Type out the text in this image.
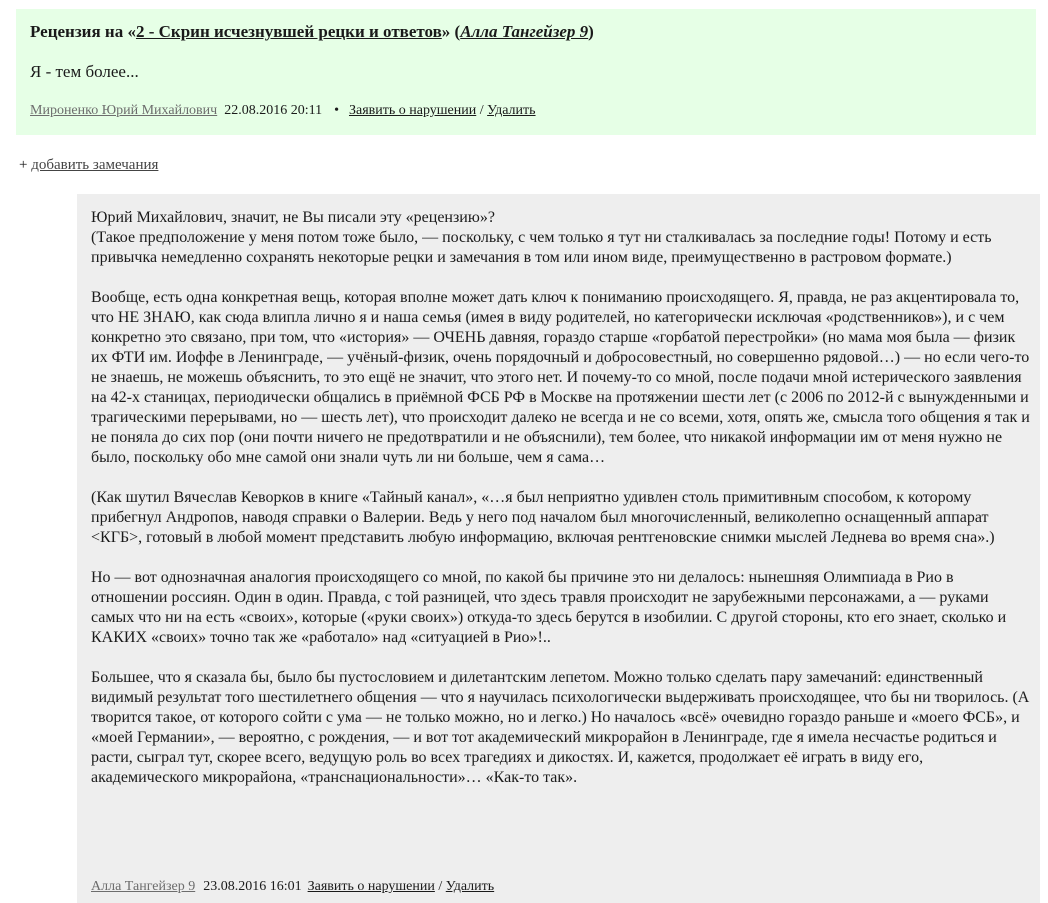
Рецензия на «2 - Скрин исчезнувшей рецки и ответов» (Алла Тангейзер 9)
Я - тем более...
Мироненко Юрий Михайлович 22.08.2016 20:11 • Заявить о нарушении / Удалить
+ добавить замечания

Юрий Михайлович, значит, не Вы писали эту «рецензию»?
(Такое предположение у меня потом тоже было, — поскольку, с чем только я тут ни сталкивалась за последние годы! Потому и есть привычка немедленно сохранять некоторые рецки и замечания в том или ином виде, преимущественно в растровом формате.)

Вообще, есть одна конкретная вещь, которая вполне может дать ключ к пониманию происходящего. Я, правда, не раз акцентировала то, что НЕ ЗНАЮ, как сюда влипла лично я и наша семья (имея в виду родителей, но категорически исключая «родственников»), и с чем конкретно это связано, при том, что «история» — ОЧЕНЬ давняя, гораздо старше «горбатой перестройки» (но мама моя была — физик их ФТИ им. Иоффе в Ленинграде, — учёный-физик, очень порядочный и добросовестный, но совершенно рядовой…) — но если чего-то не знаешь, не можешь объяснить, то это ещё не значит, что этого нет. И почему-то со мной, после подачи мной истерического заявления на 42-х станицах, периодически общались в приёмной ФСБ РФ в Москве на протяжении шести лет (с 2006 по 2012-й с вынужденными и трагическими перерывами, но — шесть лет), что происходит далеко не всегда и не со всеми, хотя, опять же, смысла того общения я так и не поняла до сих пор (они почти ничего не предотвратили и не объяснили), тем более, что никакой информации им от меня нужно не было, поскольку обо мне самой они знали чуть ли ни больше, чем я сама…

(Как шутил Вячеслав Кеворков в книге «Тайный канал», «…я был неприятно удивлен столь примитивным способом, к которому прибегнул Андропов, наводя справки о Валерии. Ведь у него под началом был многочисленный, великолепно оснащенный аппарат <КГБ>, готовый в любой момент представить любую информацию, включая рентгеновские снимки мыслей Леднева во время сна».)

Но — вот однозначная аналогия происходящего со мной, по какой бы причине это ни делалось: нынешняя Олимпиада в Рио в отношении россиян. Один в один. Правда, с той разницей, что здесь травля происходит не зарубежными персонажами, а — руками самых что ни на есть «своих», которые («руки своих») откуда-то здесь берутся в изобилии. С другой стороны, кто его знает, сколько и КАКИХ «своих» точно так же «работало» над «ситуацией в Рио»!..

Большее, что я сказала бы, было бы пустословием и дилетантским лепетом. Можно только сделать пару замечаний: единственный видимый результат того шестилетнего общения — что я научилась психологически выдерживать происходящее, что бы ни творилось. (А творится такое, от которого сойти с ума — не только можно, но и легко.) Но началось «всё» очевидно гораздо раньше и «моего ФСБ», и «моей Германии», — вероятно, с рождения, — и вот тот академический микрорайон в Ленинграде, где я имела несчастье родиться и расти, сыграл тут, скорее всего, ведущую роль во всех трагедиях и дикостях. И, кажется, продолжает её играть в виду его, академического микрорайона, «транснациональности»… «Как-то так».

Алла Тангейзер 9 23.08.2016 16:01 Заявить о нарушении / Удалить
